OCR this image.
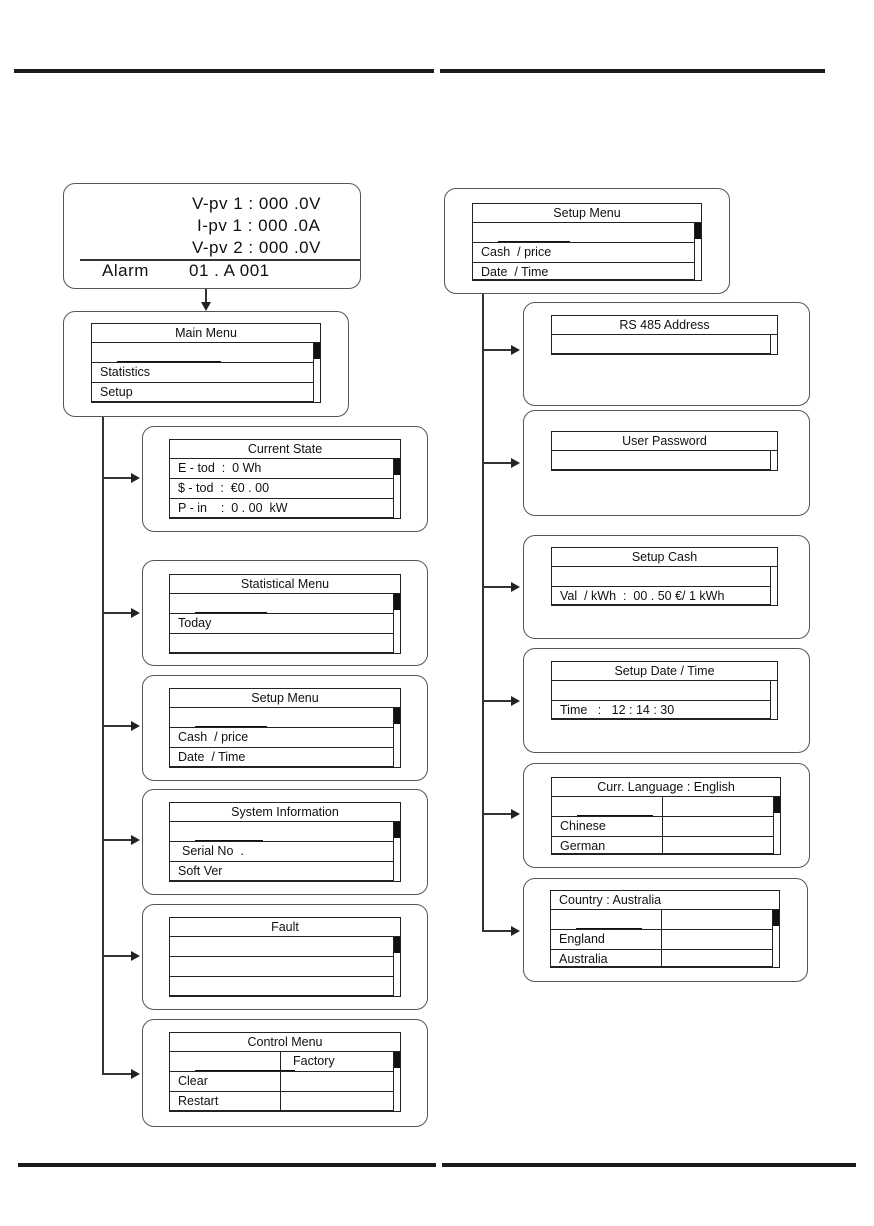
V-pv 1 : 000 .0V
I-pv 1 : 000 .0A
V-pv 2 : 000 .0V
Alarm 01 . A 001
Main Menu

Statistics
Setup
Current State
E - tod  :  0 Wh
$ - tod  :  €0 . 00
P - in    :  0 . 00  kW
Statistical Menu

Today
Setup Menu

Cash  / price
Date  / Time
System Information

Serial No  .
Soft Ver
Fault

Control Menu

Clear
Restart
Factory
Setup Menu

Cash  / price
Date  / Time
RS 485 Address

User Password

Setup Cash

Val  / kWh  :  00 . 50 €/ 1 kWh
Setup Date / Time

Time   :   12 : 14 : 30
Curr. Language : English

Chinese
German
Country : Australia

England
Australia
